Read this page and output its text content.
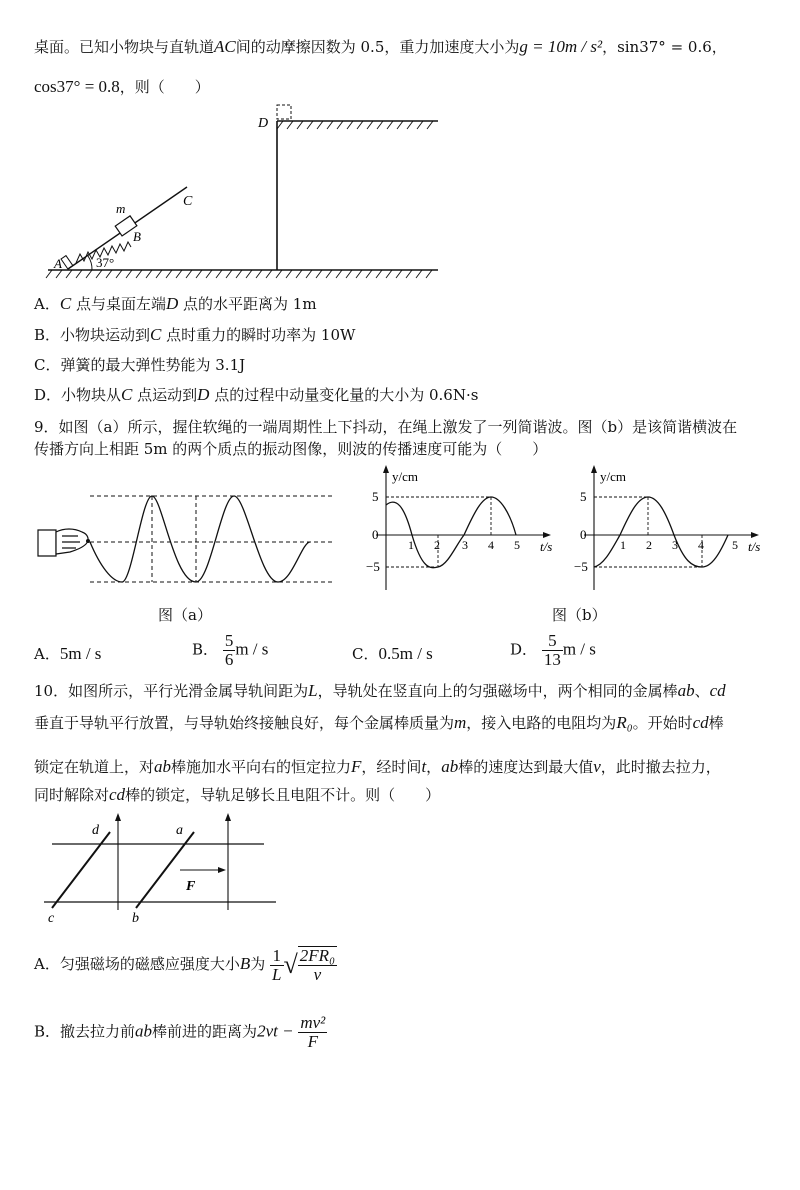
桌面。已知小物块与直轨道AC间的动摩擦因数为 0.5，重力加速度大小为g = 10m / s²，sin37° = 0.6，
cos37° = 0.8，则（　　）
D
C
m
B
A	37°
A．C 点与桌面左端D 点的水平距离为 1m
B．小物块运动到C 点时重力的瞬时功率为 10W
C．弹簧的最大弹性势能为 3.1J
D．小物块从C 点运动到D 点的过程中动量变化量的大小为 0.6N·s
9．如图（a）所示，握住软绳的一端周期性上下抖动，在绳上激发了一列简谐波。图（b）是该简谐横波在
传播方向上相距 5m 的两个质点的振动图像，则波的传播速度可能为（　　）
图（a）
y/cm
t/s
5
0
−5
1 2 3 4 5
y/cm
t/s
5
0
−5
1 2 3 4 5
图（b）
A．5m / s	B． $\frac{5}{6}$ m / s	C．0.5m / s	D． $\frac{5}{13}$ m / s
10．如图所示，平行光滑金属导轨间距为L，导轨处在竖直向上的匀强磁场中，两个相同的金属棒ab、cd
垂直于导轨平行放置，与导轨始终接触良好，每个金属棒质量为m，接入电路的电阻均为R₀。开始时cd棒
锁定在轨道上，对ab棒施加水平向右的恒定拉力F，经时间t，ab棒的速度达到最大值v，此时撤去拉力，
同时解除对cd棒的锁定，导轨足够长且电阻不计。则（　　）
d	a
c	b
F
A．匀强磁场的磁感应强度大小B为 $\frac{1}{L}$ √ $\frac{\text{2FR₀}}{v}$
B．撤去拉力前ab棒前进的距离为$2vt - \frac{\text{mv²}}{F}$
